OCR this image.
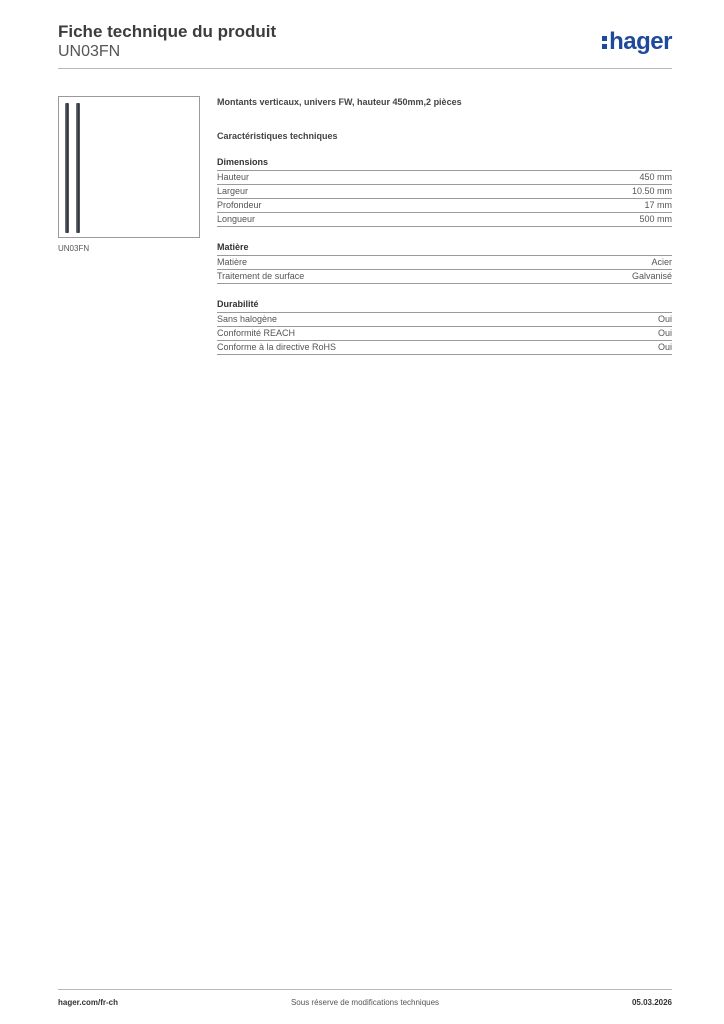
Fiche technique du produit
UN03FN	hager
UN03FN
Montants verticaux, univers FW, hauteur 450mm,2 pièces
Caractéristiques techniques
Dimensions
Hauteur	450 mm
Largeur	10.50 mm
Profondeur	17 mm
Longueur	500 mm
Matière
Matière	Acier
Traitement de surface	Galvanisé
Durabilité
Sans halogène	Oui
Conformité REACH	Oui
Conforme à la directive RoHS	Oui
hager.com/fr-ch	Sous réserve de modifications techniques	05.03.2026
